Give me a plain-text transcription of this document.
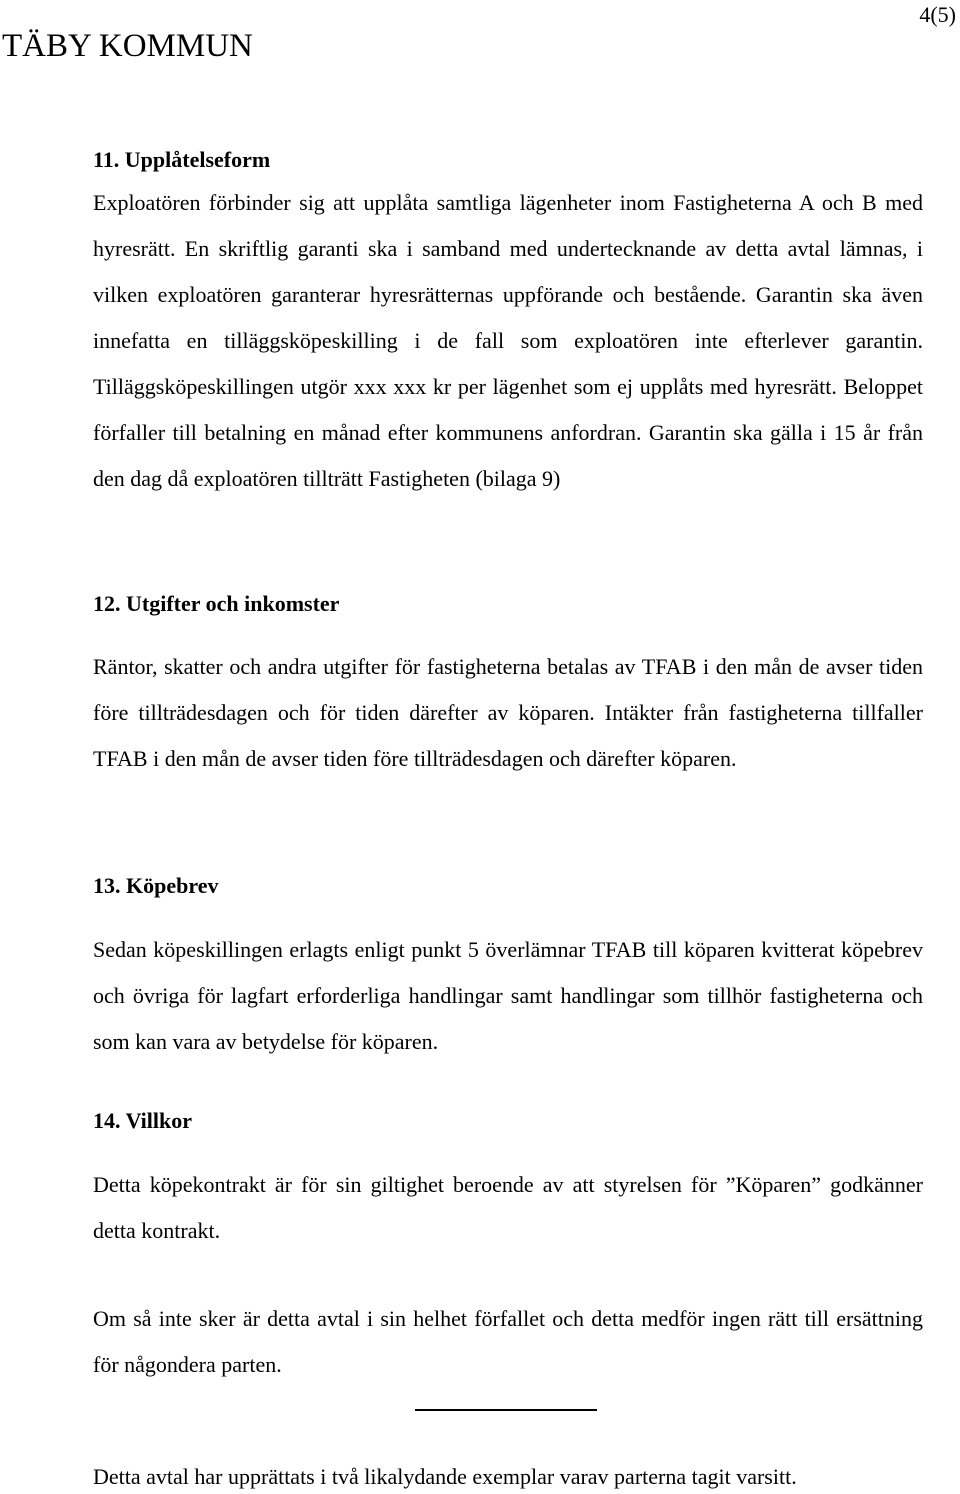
TÄBY KOMMUN
4(5)
11. Upplåtelseform

Exploatören förbinder sig att upplåta samtliga lägenheter inom Fastigheterna A och B med hyresrätt. En skriftlig garanti ska i samband med undertecknande av detta avtal lämnas, i vilken exploatören garanterar hyresrätternas uppförande och bestående. Garantin ska även innefatta en tilläggsköpeskilling i de fall som exploatören inte efterlever garantin. Tilläggsköpeskillingen utgör xxx xxx kr per lägenhet som ej upplåts med hyresrätt. Beloppet förfaller till betalning en månad efter kommunens anfordran. Garantin ska gälla i 15 år från den dag då exploatören tillträtt Fastigheten (bilaga 9)

12. Utgifter och inkomster

Räntor, skatter och andra utgifter för fastigheterna betalas av TFAB i den mån de avser tiden före tillträdesdagen och för tiden därefter av köparen. Intäkter från fastigheterna tillfaller TFAB i den mån de avser tiden före tillträdesdagen och därefter köparen.

13. Köpebrev

Sedan köpeskillingen erlagts enligt punkt 5 överlämnar TFAB till köparen kvitterat köpebrev och övriga för lagfart erforderliga handlingar samt handlingar som tillhör fastigheterna och som kan vara av betydelse för köparen.

14. Villkor

Detta köpekontrakt är för sin giltighet beroende av att styrelsen för ”Köparen” godkänner detta kontrakt.

Om så inte sker är detta avtal i sin helhet förfallet och detta medför ingen rätt till ersättning för någondera parten.

Detta avtal har upprättats i två likalydande exemplar varav parterna tagit varsitt.
